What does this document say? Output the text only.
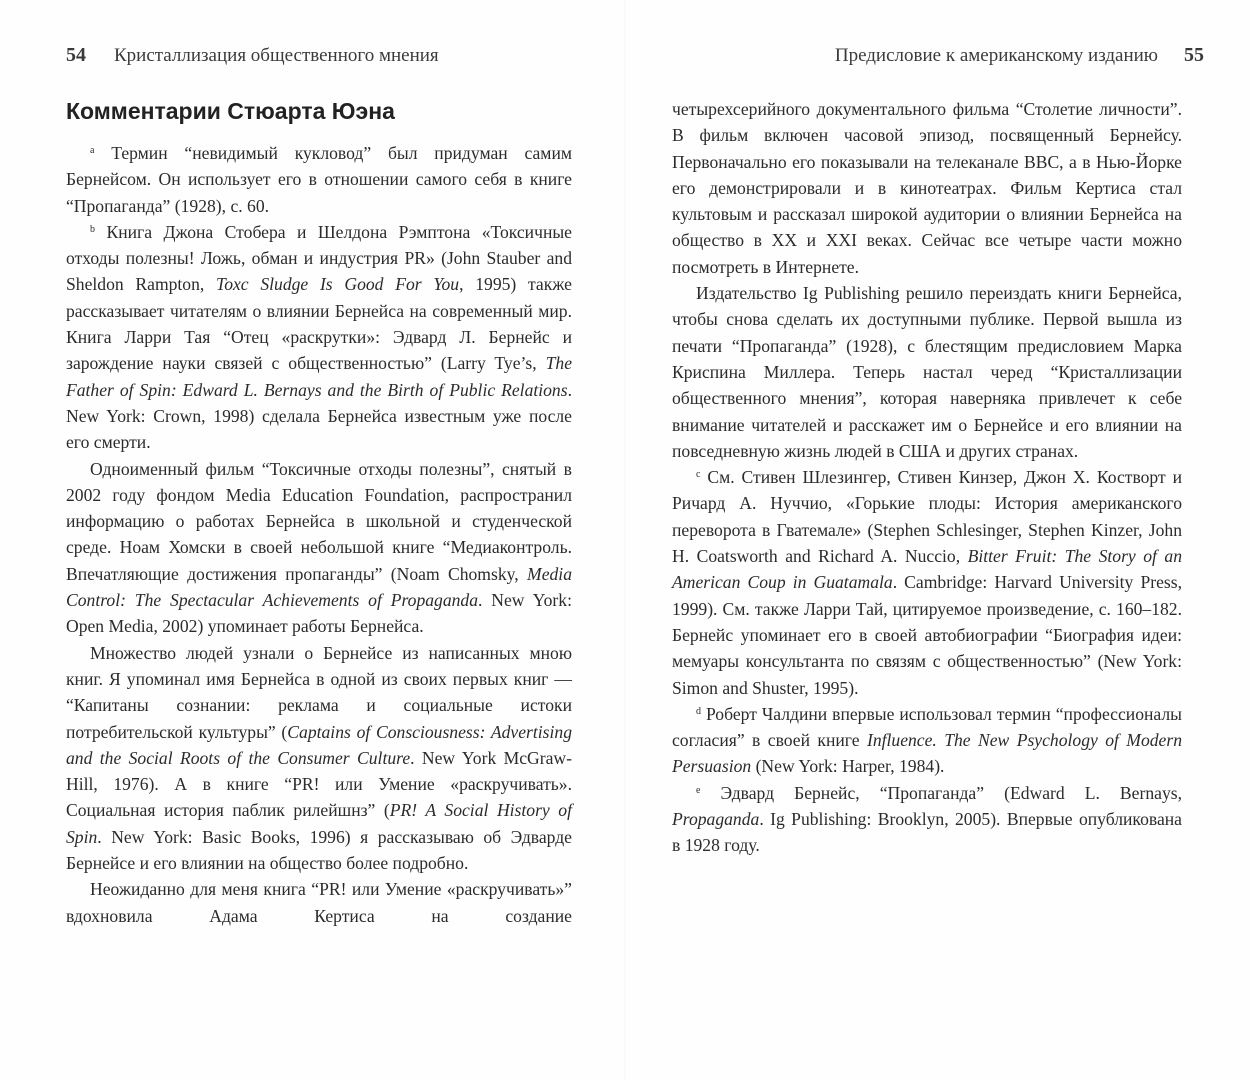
54 Кристаллизация общественного мнения
Комментарии Стюарта Юэна

$^a$ Термин “невидимый кукловод” был придуман самим Бернейсом. Он использует его в отношении самого себя в книге “Пропаганда” (1928), с. 60.

$^b$ Книга Джона Стобера и Шелдона Рэмптона «Токсичные отходы полезны! Ложь, обман и индустрия PR» (John Stauber and Sheldon Rampton, Toxc Sludge Is Good For You, 1995) также рассказывает читателям о влиянии Бернейса на современный мир. Книга Ларри Тая “Отец «раскрутки»: Эдвард Л. Бернейс и зарождение науки связей с общественностью” (Larry Tye’s, The Father of Spin: Edward L. Bernays and the Birth of Public Relations. New York: Crown, 1998) сделала Бернейса известным уже после его смерти.

Одноименный фильм “Токсичные отходы полезны”, снятый в 2002 году фондом Media Education Foundation, распространил информацию о работах Бернейса в школьной и студенческой среде. Ноам Хомски в своей небольшой книге “Медиаконтроль. Впечатляющие достижения пропаганды” (Noam Chomsky, Media Control: The Spectacular Achievements of Propaganda. New York: Open Media, 2002) упоминает работы Бернейса.

Множество людей узнали о Бернейсе из написанных мною книг. Я упоминал имя Бернейса в одной из своих первых книг — “Капитаны сознании: реклама и социальные истоки потребительской культуры” (Captains of Consciousness: Advertising and the Social Roots of the Consumer Culture. New York McGraw-Hill, 1976). А в книге “PR! или Умение «раскручивать». Социальная история паблик рилейшнз” (PR! A Social History of Spin. New York: Basic Books, 1996) я рассказываю об Эдварде Бернейсе и его влиянии на общество более подробно.

Неожиданно для меня книга “PR! или Умение «раскручивать»” вдохновила Адама Кертиса на создание

Предисловие к американскому изданию 55

четырехсерийного документального фильма “Столетие личности”. В фильм включен часовой эпизод, посвященный Бернейсу. Первоначально его показывали на телеканале BBC, а в Нью-Йорке его демонстрировали и в кинотеатрах. Фильм Кертиса стал культовым и рассказал широкой аудитории о влиянии Бернейса на общество в XX и XXI веках. Сейчас все четыре части можно посмотреть в Интернете.

Издательство Ig Publishing решило переиздать книги Бернейса, чтобы снова сделать их доступными публике. Первой вышла из печати “Пропаганда” (1928), с блестящим предисловием Марка Криспина Миллера. Теперь настал черед “Кристаллизации общественного мнения”, которая наверняка привлечет к себе внимание читателей и расскажет им о Бернейсе и его влиянии на повседневную жизнь людей в США и других странах.

$^c$ См. Стивен Шлезингер, Стивен Кинзер, Джон Х. Костворт и Ричард А. Нуччио, «Горькие плоды: История американского переворота в Гватемале» (Stephen Schlesinger, Stephen Kinzer, John H. Coatsworth and Richard A. Nuccio, Bitter Fruit: The Story of an American Coup in Guatamala. Cambridge: Harvard University Press, 1999). См. также Ларри Тай, цитируемое произведение, с. 160–182. Бернейс упоминает его в своей автобиографии “Биография идеи: мемуары консультанта по связям с общественностью” (New York: Simon and Shuster, 1995).

$^d$ Роберт Чалдини впервые использовал термин “профессионалы согласия” в своей книге Influence. The New Psychology of Modern Persuasion (New York: Harper, 1984).

$^e$ Эдвард Бернейс, “Пропаганда” (Edward L. Bernays, Propaganda. Ig Publishing: Brooklyn, 2005). Впервые опубликована в 1928 году.
